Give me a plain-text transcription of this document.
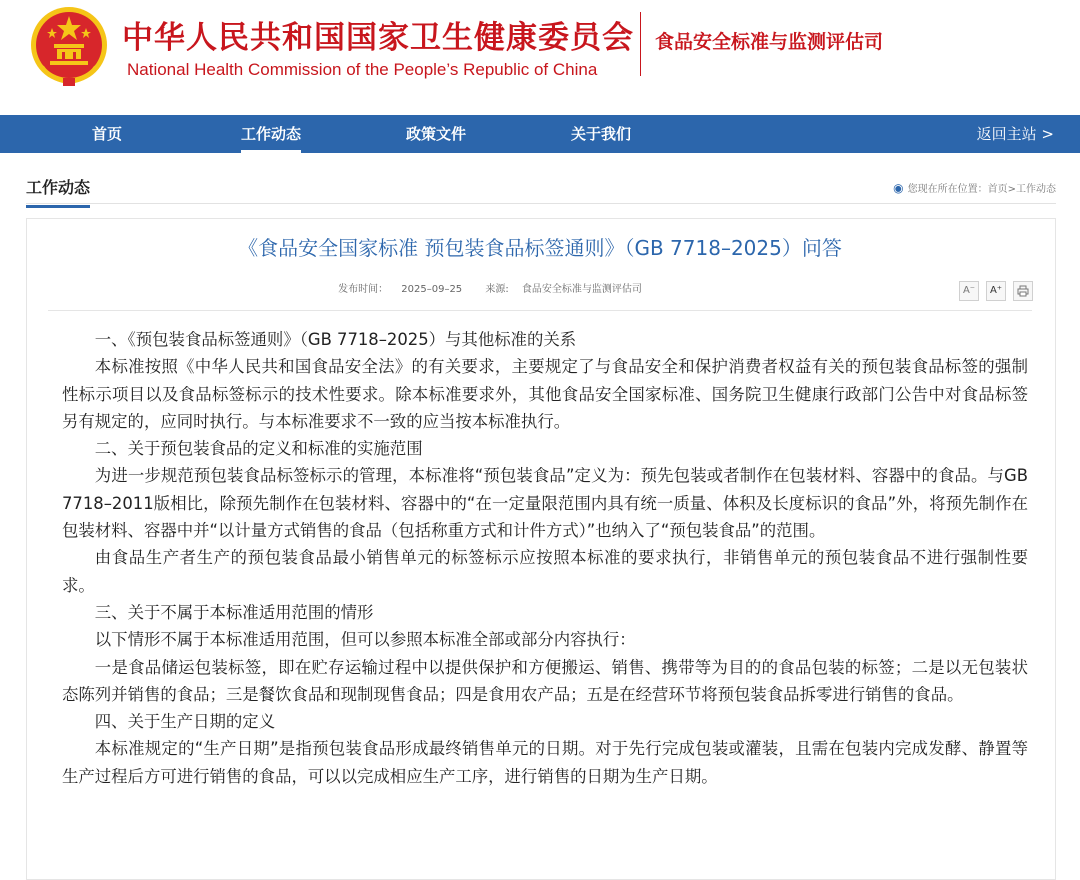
中华人民共和国国家卫生健康委员会
National Health Commission of the People’s Republic of China
食品安全标准与监测评估司
首页	工作动态	政策文件	关于我们	返回主站 >
工作动态	◉ 您现在所在位置：首页>工作动态
《食品安全国家标准 预包装食品标签通则》（GB 7718–2025）问答
发布时间： 2025–09–25 来源: 食品安全标准与监测评估司	A⁻	A⁺

一、《预包装食品标签通则》（GB 7718–2025）与其他标准的关系

本标准按照《中华人民共和国食品安全法》的有关要求，主要规定了与食品安全和保护消费者权益有关的预包装食品标签的强制性标示项目以及食品标签标示的技术性要求。除本标准要求外，其他食品安全国家标准、国务院卫生健康行政部门公告中对食品标签另有规定的，应同时执行。与本标准要求不一致的应当按本标准执行。

二、关于预包装食品的定义和标准的实施范围

为进一步规范预包装食品标签标示的管理，本标准将“预包装食品”定义为：预先包装或者制作在包装材料、容器中的食品。与GB 7718–2011版相比，除预先制作在包装材料、容器中的“在一定量限范围内具有统一质量、体积及长度标识的食品”外，将预先制作在包装材料、容器中并“以计量方式销售的食品（包括称重方式和计件方式）”也纳入了“预包装食品”的范围。

由食品生产者生产的预包装食品最小销售单元的标签标示应按照本标准的要求执行，非销售单元的预包装食品不进行强制性要求。

三、关于不属于本标准适用范围的情形

以下情形不属于本标准适用范围，但可以参照本标准全部或部分内容执行：

一是食品储运包装标签，即在贮存运输过程中以提供保护和方便搬运、销售、携带等为目的的食品包装的标签；二是以无包装状态陈列并销售的食品；三是餐饮食品和现制现售食品；四是食用农产品；五是在经营环节将预包装食品拆零进行销售的食品。

四、关于生产日期的定义

本标准规定的“生产日期”是指预包装食品形成最终销售单元的日期。对于先行完成包装或灌装，且需在包装内完成发酵、静置等生产过程后方可进行销售的食品，可以以完成相应生产工序，进行销售的日期为生产日期。
